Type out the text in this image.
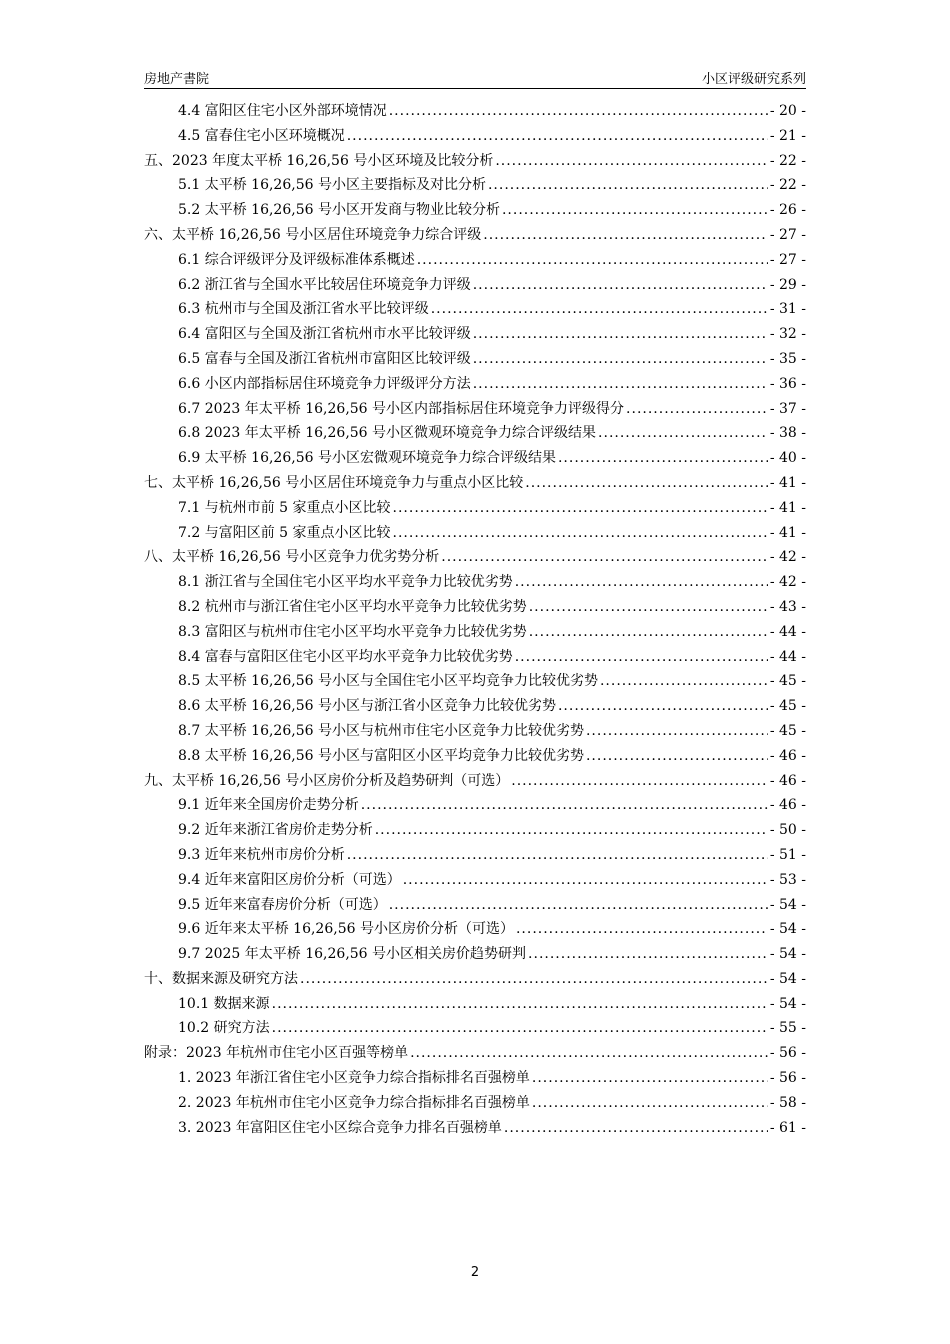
房地产書院	小区评级研究系列
4.4 富阳区住宅小区外部环境情况 .....	- 20 -
4.5 富春住宅小区环境概况 .....	- 21 -
五、2023 年度太平桥 16,26,56 号小区环境及比较分析 .....	- 22 -
5.1 太平桥 16,26,56 号小区主要指标及对比分析 .....	- 22 -
5.2 太平桥 16,26,56 号小区开发商与物业比较分析 .....	- 26 -
六、太平桥 16,26,56 号小区居住环境竞争力综合评级 .....	- 27 -
6.1 综合评级评分及评级标准体系概述 .....	- 27 -
6.2 浙江省与全国水平比较居住环境竞争力评级 .....	- 29 -
6.3 杭州市与全国及浙江省水平比较评级 .....	- 31 -
6.4 富阳区与全国及浙江省杭州市水平比较评级 .....	- 32 -
6.5 富春与全国及浙江省杭州市富阳区比较评级 .....	- 35 -
6.6 小区内部指标居住环境竞争力评级评分方法 .....	- 36 -
6.7 2023 年太平桥 16,26,56 号小区内部指标居住环境竞争力评级得分 .....	- 37 -
6.8 2023 年太平桥 16,26,56 号小区微观环境竞争力综合评级结果 .....	- 38 -
6.9 太平桥 16,26,56 号小区宏微观环境竞争力综合评级结果 .....	- 40 -
七、太平桥 16,26,56 号小区居住环境竞争力与重点小区比较 .....	- 41 -
7.1 与杭州市前 5 家重点小区比较 .....	- 41 -
7.2 与富阳区前 5 家重点小区比较 .....	- 41 -
八、太平桥 16,26,56 号小区竞争力优劣势分析 .....	- 42 -
8.1 浙江省与全国住宅小区平均水平竞争力比较优劣势 .....	- 42 -
8.2 杭州市与浙江省住宅小区平均水平竞争力比较优劣势 .....	- 43 -
8.3 富阳区与杭州市住宅小区平均水平竞争力比较优劣势 .....	- 44 -
8.4 富春与富阳区住宅小区平均水平竞争力比较优劣势 .....	- 44 -
8.5 太平桥 16,26,56 号小区与全国住宅小区平均竞争力比较优劣势 .....	- 45 -
8.6 太平桥 16,26,56 号小区与浙江省小区竞争力比较优劣势 .....	- 45 -
8.7 太平桥 16,26,56 号小区与杭州市住宅小区竞争力比较优劣势 .....	- 45 -
8.8 太平桥 16,26,56 号小区与富阳区小区平均竞争力比较优劣势 .....	- 46 -
九、太平桥 16,26,56 号小区房价分析及趋势研判（可选） .....	- 46 -
9.1 近年来全国房价走势分析 .....	- 46 -
9.2 近年来浙江省房价走势分析 .....	- 50 -
9.3 近年来杭州市房价分析 .....	- 51 -
9.4 近年来富阳区房价分析（可选） .....	- 53 -
9.5 近年来富春房价分析（可选） .....	- 54 -
9.6 近年来太平桥 16,26,56 号小区房价分析（可选） .....	- 54 -
9.7 2025 年太平桥 16,26,56 号小区相关房价趋势研判 .....	- 54 -
十、数据来源及研究方法 .....	- 54 -
10.1 数据来源 .....	- 54 -
10.2 研究方法 .....	- 55 -
附录：2023 年杭州市住宅小区百强等榜单 .....	- 56 -
1. 2023 年浙江省住宅小区竞争力综合指标排名百强榜单 .....	- 56 -
2. 2023 年杭州市住宅小区竞争力综合指标排名百强榜单 .....	- 58 -
3. 2023 年富阳区住宅小区综合竞争力排名百强榜单 .....	- 61 -
2
